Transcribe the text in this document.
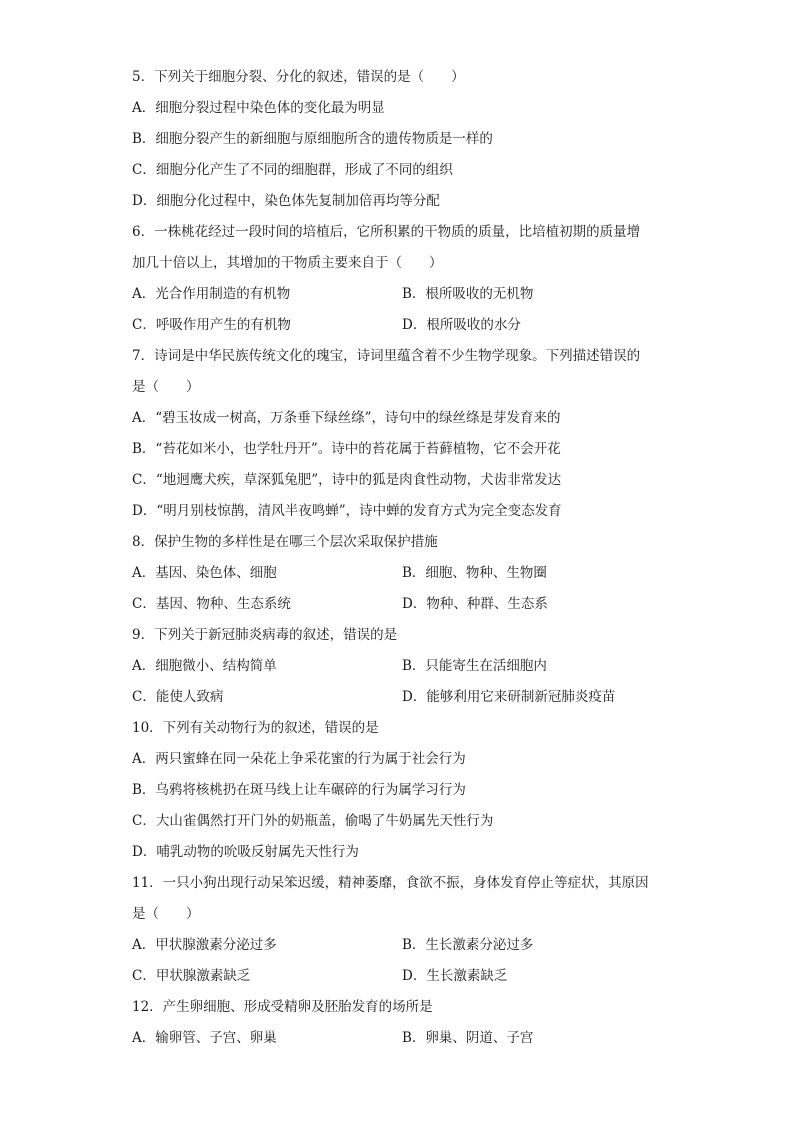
5．下列关于细胞分裂、分化的叙述，错误的是（　　）
A．细胞分裂过程中染色体的变化最为明显
B．细胞分裂产生的新细胞与原细胞所含的遗传物质是一样的
C．细胞分化产生了不同的细胞群，形成了不同的组织
D．细胞分化过程中，染色体先复制加倍再均等分配
6．一株桃花经过一段时间的培植后，它所积累的干物质的质量，比培植初期的质量增
加几十倍以上，其增加的干物质主要来自于（　　）
A．光合作用制造的有机物	B．根所吸收的无机物
C．呼吸作用产生的有机物	D．根所吸收的水分
7．诗词是中华民族传统文化的瑰宝，诗词里蕴含着不少生物学现象。下列描述错误的
是（　　）
A．“碧玉妆成一树高，万条垂下绿丝绦”，诗句中的绿丝绦是芽发育来的
B．“苔花如米小，也学牡丹开”。诗中的苔花属于苔藓植物，它不会开花
C．“地迥鹰犬疾，草深狐兔肥”，诗中的狐是肉食性动物，犬齿非常发达
D．“明月别枝惊鹊，清风半夜鸣蝉”，诗中蝉的发育方式为完全变态发育
8．保护生物的多样性是在哪三个层次采取保护措施
A．基因、染色体、细胞	B．细胞、物种、生物圈
C．基因、物种、生态系统	D．物种、种群、生态系
9．下列关于新冠肺炎病毒的叙述，错误的是
A．细胞微小、结构简单	B．只能寄生在活细胞内
C．能使人致病	D．能够利用它来研制新冠肺炎疫苗
10．下列有关动物行为的叙述，错误的是
A．两只蜜蜂在同一朵花上争采花蜜的行为属于社会行为
B．乌鸦将核桃扔在斑马线上让车碾碎的行为属学习行为
C．大山雀偶然打开门外的奶瓶盖，偷喝了牛奶属先天性行为
D．哺乳动物的吮吸反射属先天性行为
11．一只小狗出现行动呆笨迟缓，精神萎靡，食欲不振，身体发育停止等症状，其原因
是（　　）
A．甲状腺激素分泌过多	B．生长激素分泌过多
C．甲状腺激素缺乏	D．生长激素缺乏
12．产生卵细胞、形成受精卵及胚胎发育的场所是
A．输卵管、子宫、卵巢	B．卵巢、阴道、子宫
